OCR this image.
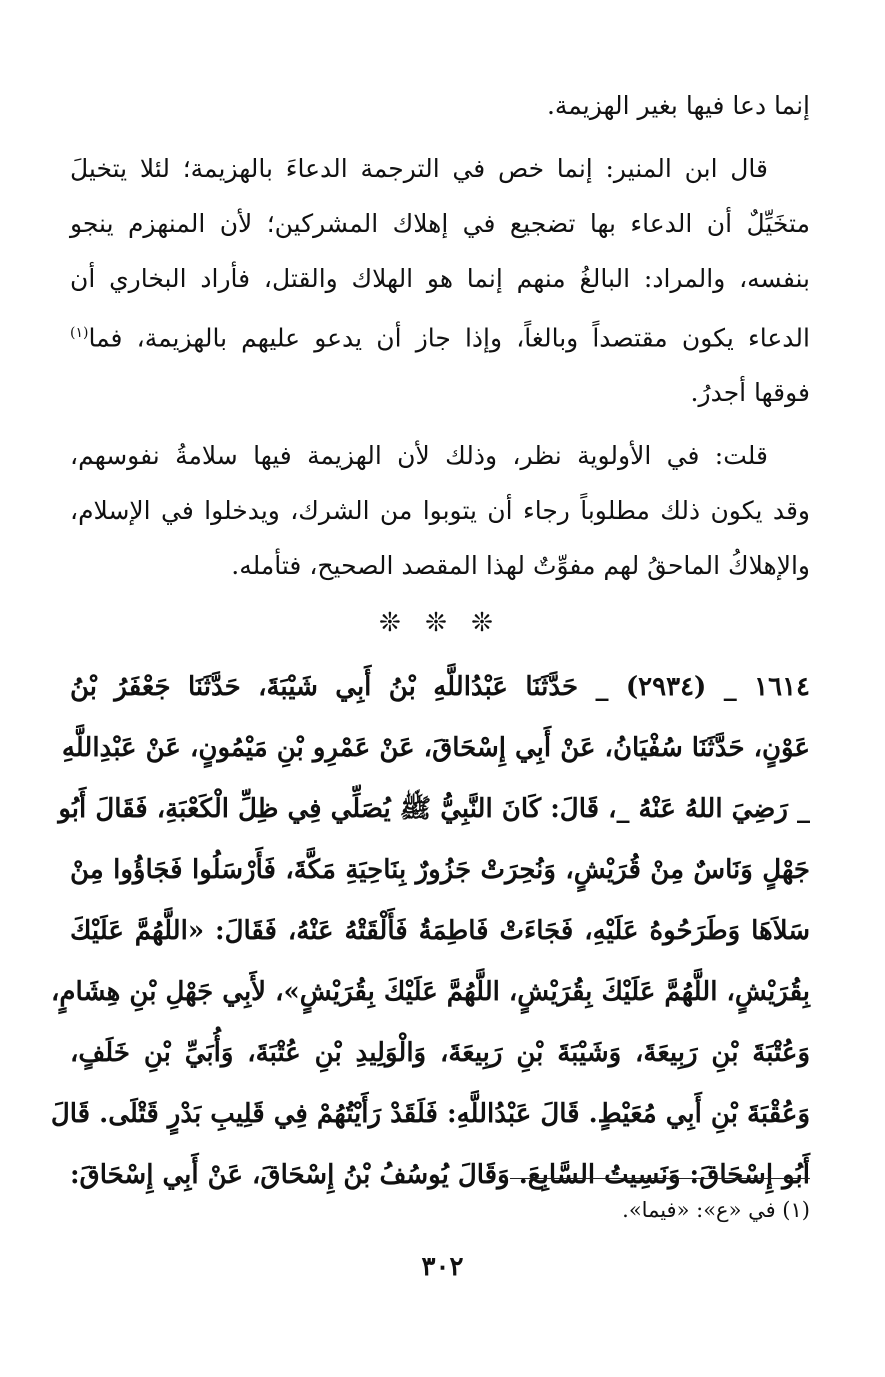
إنما دعا فيها بغير الهزيمة.

قال ابن المنير: إنما خص في الترجمة الدعاءَ بالهزيمة؛ لئلا يتخيلَ
متخَيِّلٌ أن الدعاء بها تضجيع في إهلاك المشركين؛ لأن المنهزم ينجو
بنفسه، والمراد: البالغُ منهم إنما هو الهلاك والقتل، فأراد البخاري أن
الدعاء يكون مقتصداً وبالغاً، وإذا جاز أن يدعو عليهم بالهزيمة، فما$^{(١)}$
فوقها أجدرُ.

قلت: في الأولوية نظر، وذلك لأن الهزيمة فيها سلامةُ نفوسهم،
وقد يكون ذلك مطلوباً رجاء أن يتوبوا من الشرك، ويدخلوا في الإسلام،
والإهلاكُ الماحقُ لهم مفوِّتٌ لهذا المقصد الصحيح، فتأمله.

❊ ❊ ❊

١٦١٤ _ (٢٩٣٤) _ حَدَّثَنَا عَبْدُاللَّهِ بْنُ أَبِي شَيْبَةَ، حَدَّثَنَا جَعْفَرُ بْنُ
عَوْنٍ، حَدَّثَنَا سُفْيَانُ، عَنْ أَبِي إِسْحَاقَ، عَنْ عَمْرِو بْنِ مَيْمُونٍ، عَنْ عَبْدِاللَّهِ
_ رَضِيَ اللهُ عَنْهُ _، قَالَ: كَانَ النَّبِيُّ ﷺ يُصَلِّي فِي ظِلِّ الْكَعْبَةِ، فَقَالَ أَبُو
جَهْلٍ وَنَاسٌ مِنْ قُرَيْشٍ، وَنُحِرَتْ جَزُورٌ بِنَاحِيَةِ مَكَّةَ، فَأَرْسَلُوا فَجَاؤُوا مِنْ
سَلاَهَا وَطَرَحُوهُ عَلَيْهِ، فَجَاءَتْ فَاطِمَةُ فَأَلْقَتْهُ عَنْهُ، فَقَالَ: «اللَّهُمَّ عَلَيْكَ
بِقُرَيْشٍ، اللَّهُمَّ عَلَيْكَ بِقُرَيْشٍ، اللَّهُمَّ عَلَيْكَ بِقُرَيْشٍ»، لأَبِي جَهْلِ بْنِ هِشَامٍ،
وَعُتْبَةَ بْنِ رَبِيعَةَ، وَشَيْبَةَ بْنِ رَبِيعَةَ، وَالْوَلِيدِ بْنِ عُتْبَةَ، وَأُبَيِّ بْنِ خَلَفٍ،
وَعُقْبَةَ بْنِ أَبِي مُعَيْطٍ. قَالَ عَبْدُاللَّهِ: فَلَقَدْ رَأَيْتُهُمْ فِي قَلِيبِ بَدْرٍ قَتْلَى. قَالَ
أَبُو إِسْحَاقَ: وَنَسِيتُ السَّابِعَ. وَقَالَ يُوسُفُ بْنُ إِسْحَاقَ، عَنْ أَبِي إِسْحَاقَ:

(١) في «ع»: «فيما».
٣٠٢
